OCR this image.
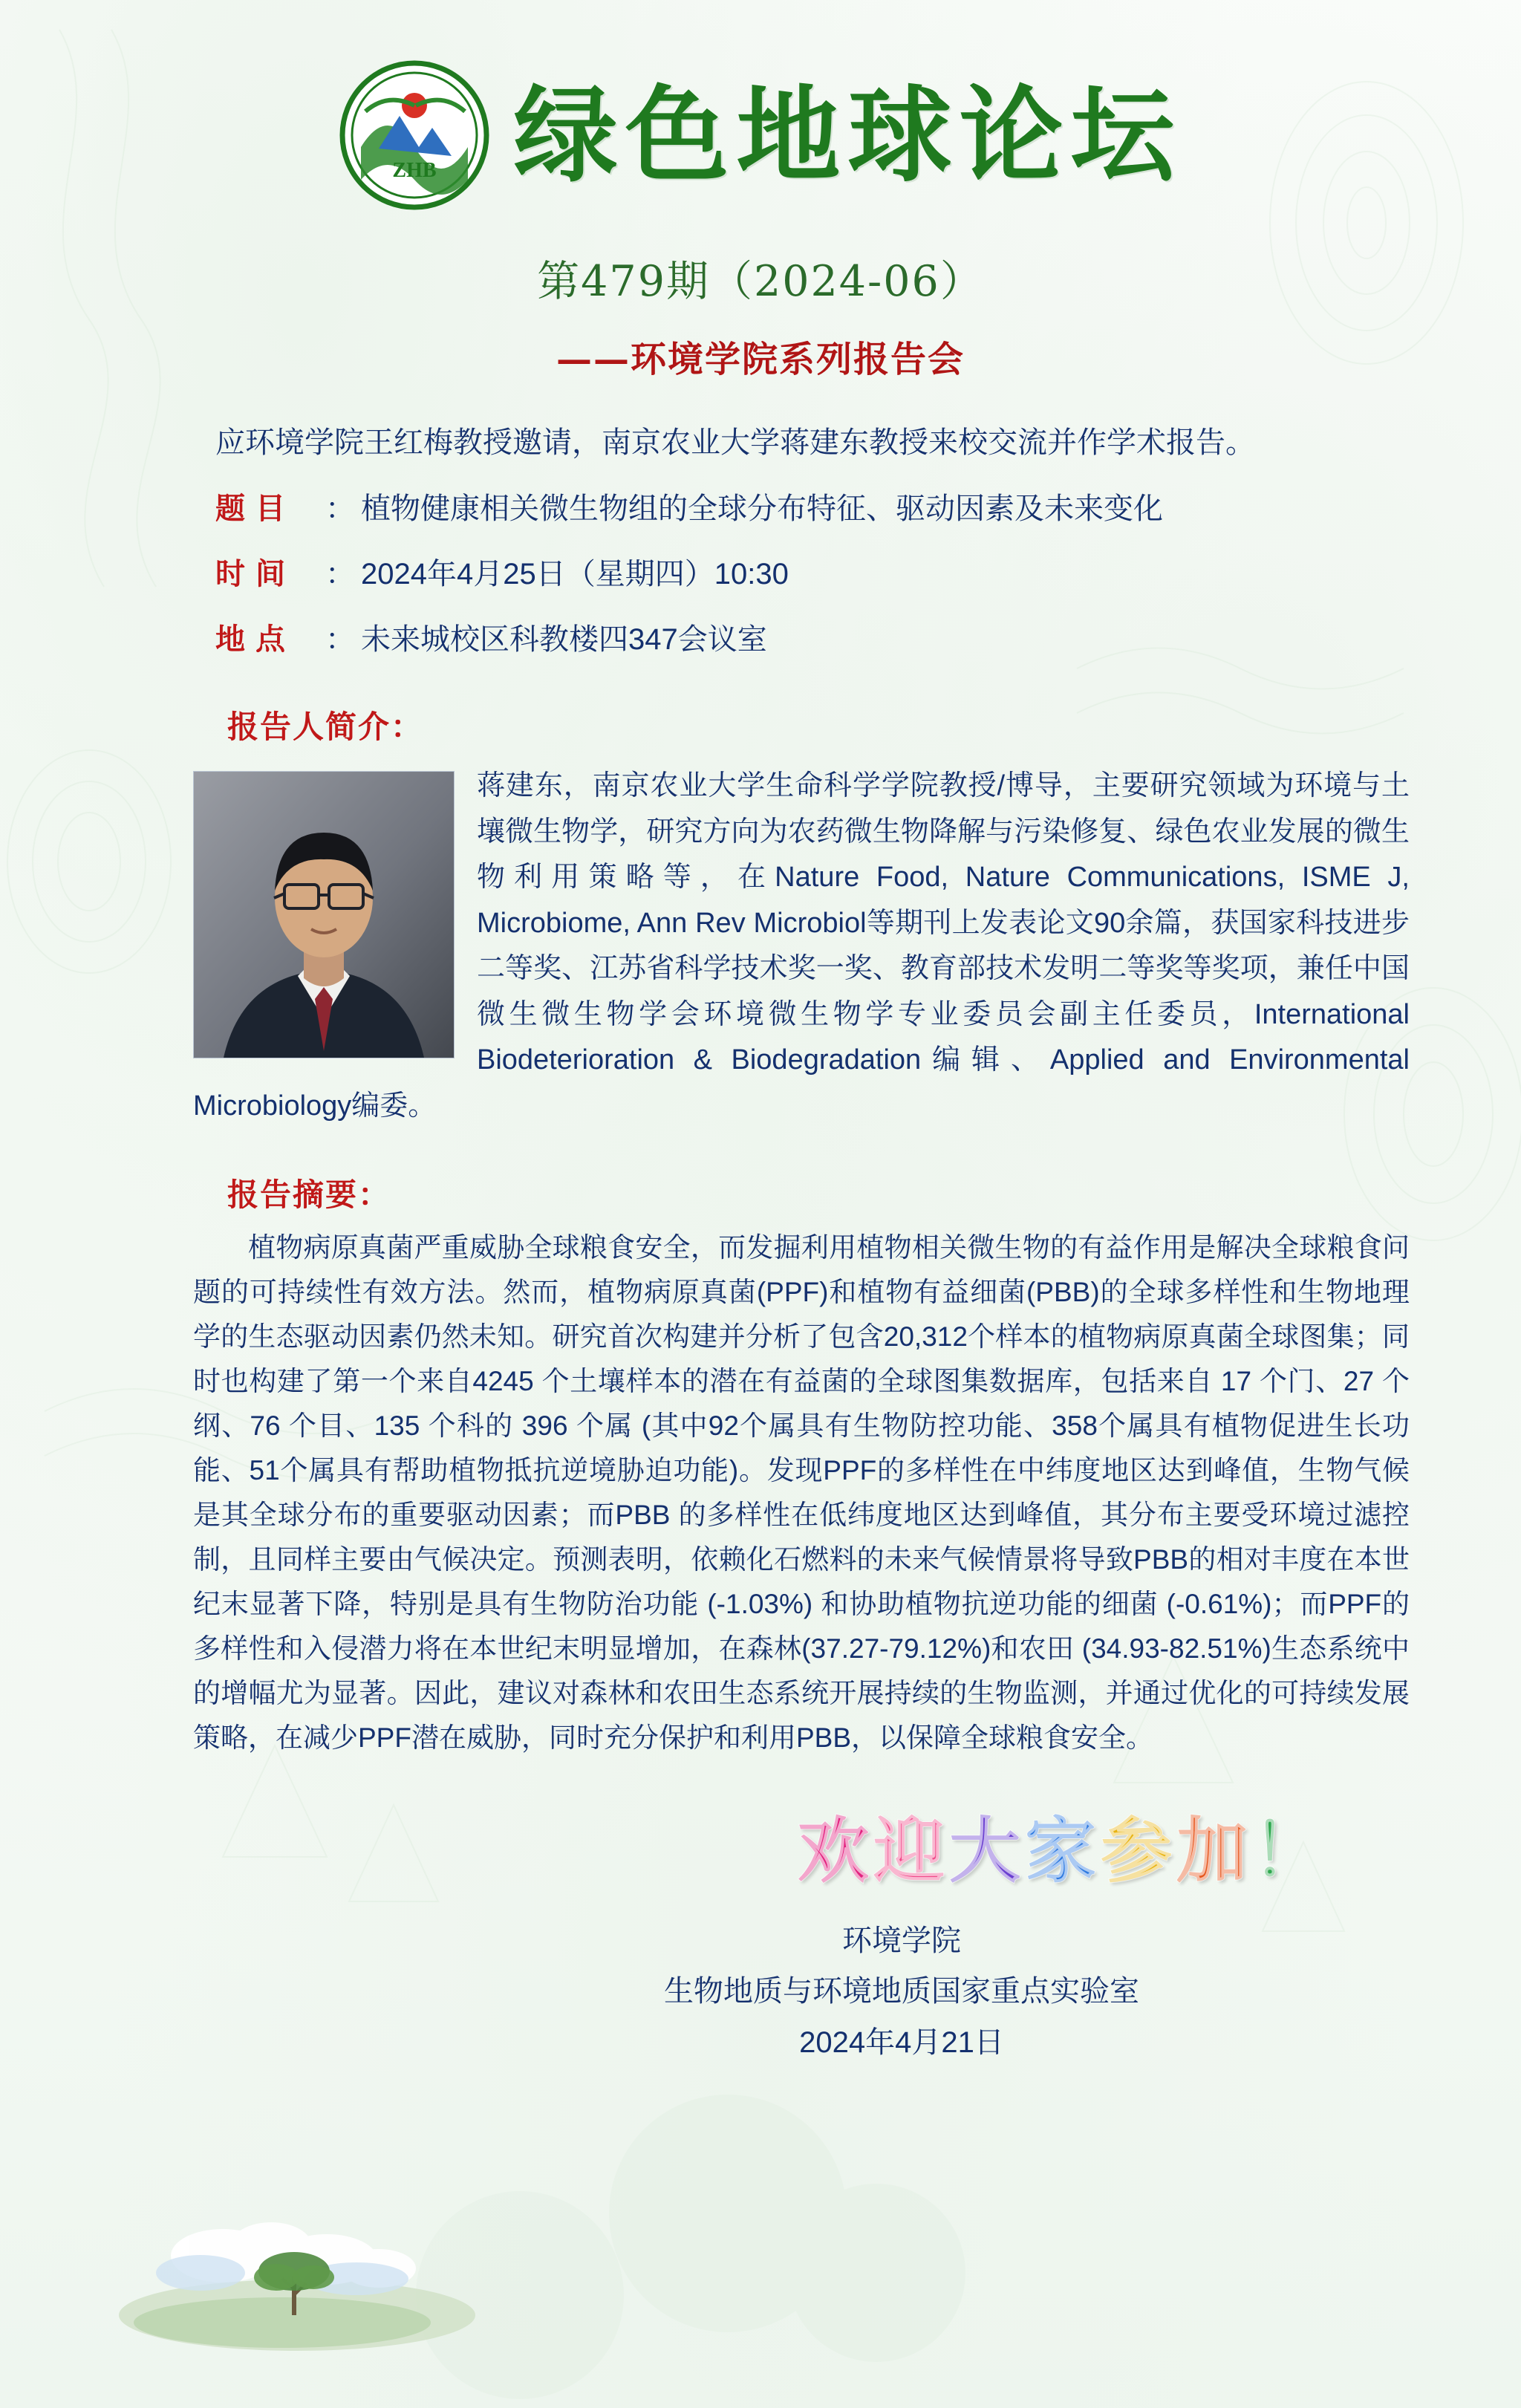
ZHB 绿色地球论坛
第479期（2024-06）
——环境学院系列报告会
应环境学院王红梅教授邀请，南京农业大学蒋建东教授来校交流并作学术报告。
题目	： 植物健康相关微生物组的全球分布特征、驱动因素及未来变化
时间	： 2024年4月25日（星期四）10:30
地点	： 未来城校区科教楼四347会议室
报告人简介：
蒋建东，南京农业大学生命科学学院教授/博导，主要研究领域为环境与土壤微生物学，研究方向为农药微生物降解与污染修复、绿色农业发展的微生物利用策略等，在Nature Food, Nature Communications, ISME J, Microbiome, Ann Rev Microbiol等期刊上发表论文90余篇，获国家科技进步二等奖、江苏省科学技术奖一奖、教育部技术发明二等奖等奖项，兼任中国微生微生物学会环境微生物学专业委员会副主任委员，International Biodeterioration & Biodegradation编辑、Applied and Environmental Microbiology编委。
报告摘要：
植物病原真菌严重威胁全球粮食安全，而发掘利用植物相关微生物的有益作用是解决全球粮食问题的可持续性有效方法。然而，植物病原真菌(PPF)和植物有益细菌(PBB)的全球多样性和生物地理学的生态驱动因素仍然未知。研究首次构建并分析了包含20,312个样本的植物病原真菌全球图集；同时也构建了第一个来自4245 个土壤样本的潜在有益菌的全球图集数据库，包括来自 17 个门、27 个纲、76 个目、135 个科的 396 个属 (其中92个属具有生物防控功能、358个属具有植物促进生长功能、51个属具有帮助植物抵抗逆境胁迫功能)。发现PPF的多样性在中纬度地区达到峰值，生物气候是其全球分布的重要驱动因素；而PBB 的多样性在低纬度地区达到峰值，其分布主要受环境过滤控制，且同样主要由气候决定。预测表明，依赖化石燃料的未来气候情景将导致PBB的相对丰度在本世纪末显著下降，特别是具有生物防治功能 (-1.03%) 和协助植物抗逆功能的细菌 (-0.61%)；而PPF的多样性和入侵潜力将在本世纪末明显增加，在森林(37.27-79.12%)和农田 (34.93-82.51%)生态系统中的增幅尤为显著。因此，建议对森林和农田生态系统开展持续的生物监测，并通过优化的可持续发展策略，在减少PPF潜在威胁，同时充分保护和利用PBB，以保障全球粮食安全。
欢迎大家参加！
环境学院
生物地质与环境地质国家重点实验室
2024年4月21日
